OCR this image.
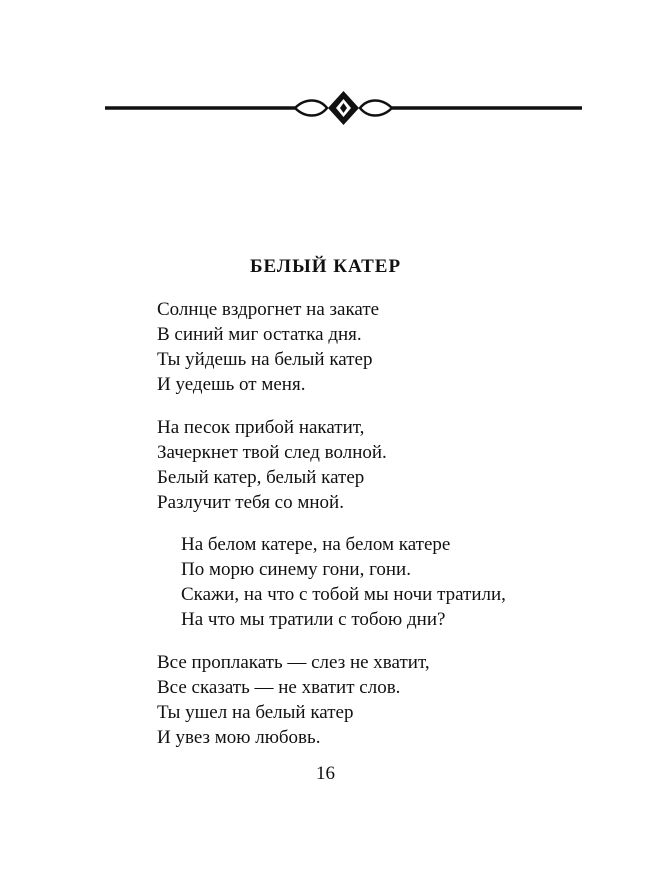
БЕЛЫЙ КАТЕР
Солнце вздрогнет на закате
В синий миг остатка дня.
Ты уйдешь на белый катер
И уедешь от меня.
На песок прибой накатит,
Зачеркнет твой след волной.
Белый катер, белый катер
Разлучит тебя со мной.
На белом катере, на белом катере
По морю синему гони, гони.
Скажи, на что с тобой мы ночи тратили,
На что мы тратили с тобою дни?
Все проплакать — слез не хватит,
Все сказать — не хватит слов.
Ты ушел на белый катер
И увез мою любовь.
16
